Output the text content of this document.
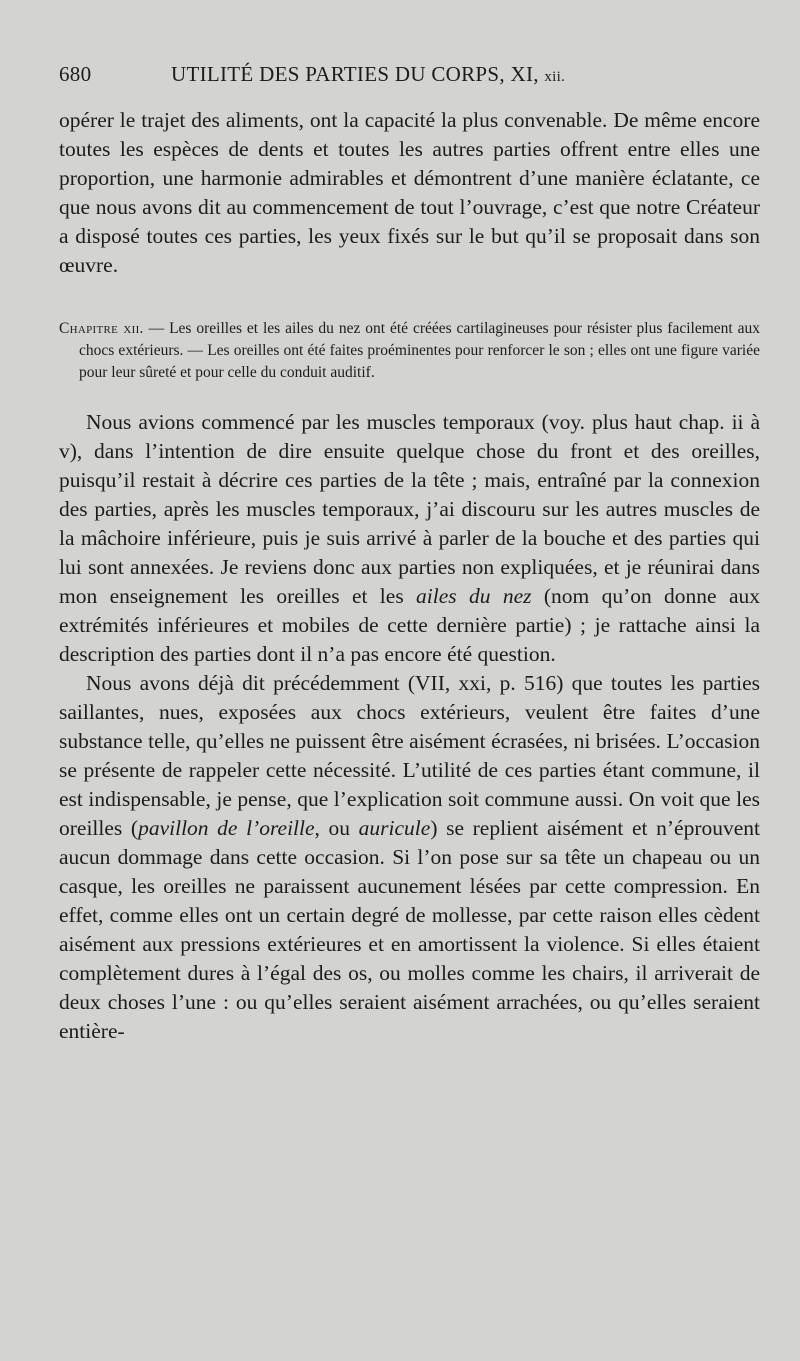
680	UTILITÉ DES PARTIES DU CORPS, XI, xii.

opérer le trajet des aliments, ont la capacité la plus convenable. De même encore toutes les espèces de dents et toutes les autres parties offrent entre elles une proportion, une harmonie admirables et démontrent d’une manière éclatante, ce que nous avons dit au commencement de tout l’ouvrage, c’est que notre Créateur a disposé toutes ces parties, les yeux fixés sur le but qu’il se proposait dans son œuvre.

Chapitre xii. — Les oreilles et les ailes du nez ont été créées cartilagineuses pour résister plus facilement aux chocs extérieurs. — Les oreilles ont été faites proéminentes pour renforcer le son ; elles ont une figure variée pour leur sûreté et pour celle du conduit auditif.

Nous avions commencé par les muscles temporaux (voy. plus haut chap. ii à v), dans l’intention de dire ensuite quelque chose du front et des oreilles, puisqu’il restait à décrire ces parties de la tête ; mais, entraîné par la connexion des parties, après les muscles temporaux, j’ai discouru sur les autres muscles de la mâchoire inférieure, puis je suis arrivé à parler de la bouche et des parties qui lui sont annexées. Je reviens donc aux parties non expliquées, et je réunirai dans mon enseignement les oreilles et les ailes du nez (nom qu’on donne aux extrémités inférieures et mobiles de cette dernière partie) ; je rattache ainsi la description des parties dont il n’a pas encore été question.

Nous avons déjà dit précédemment (VII, xxi, p. 516) que toutes les parties saillantes, nues, exposées aux chocs extérieurs, veulent être faites d’une substance telle, qu’elles ne puissent être aisément écrasées, ni brisées. L’occasion se présente de rappeler cette nécessité. L’utilité de ces parties étant commune, il est indispensable, je pense, que l’explication soit commune aussi. On voit que les oreilles (pavillon de l’oreille, ou auricule) se replient aisément et n’éprouvent aucun dommage dans cette occasion. Si l’on pose sur sa tête un chapeau ou un casque, les oreilles ne paraissent aucunement lésées par cette compression. En effet, comme elles ont un certain degré de mollesse, par cette raison elles cèdent aisément aux pressions extérieures et en amortissent la violence. Si elles étaient complètement dures à l’égal des os, ou molles comme les chairs, il arriverait de deux choses l’une : ou qu’elles seraient aisément arrachées, ou qu’elles seraient entière-
